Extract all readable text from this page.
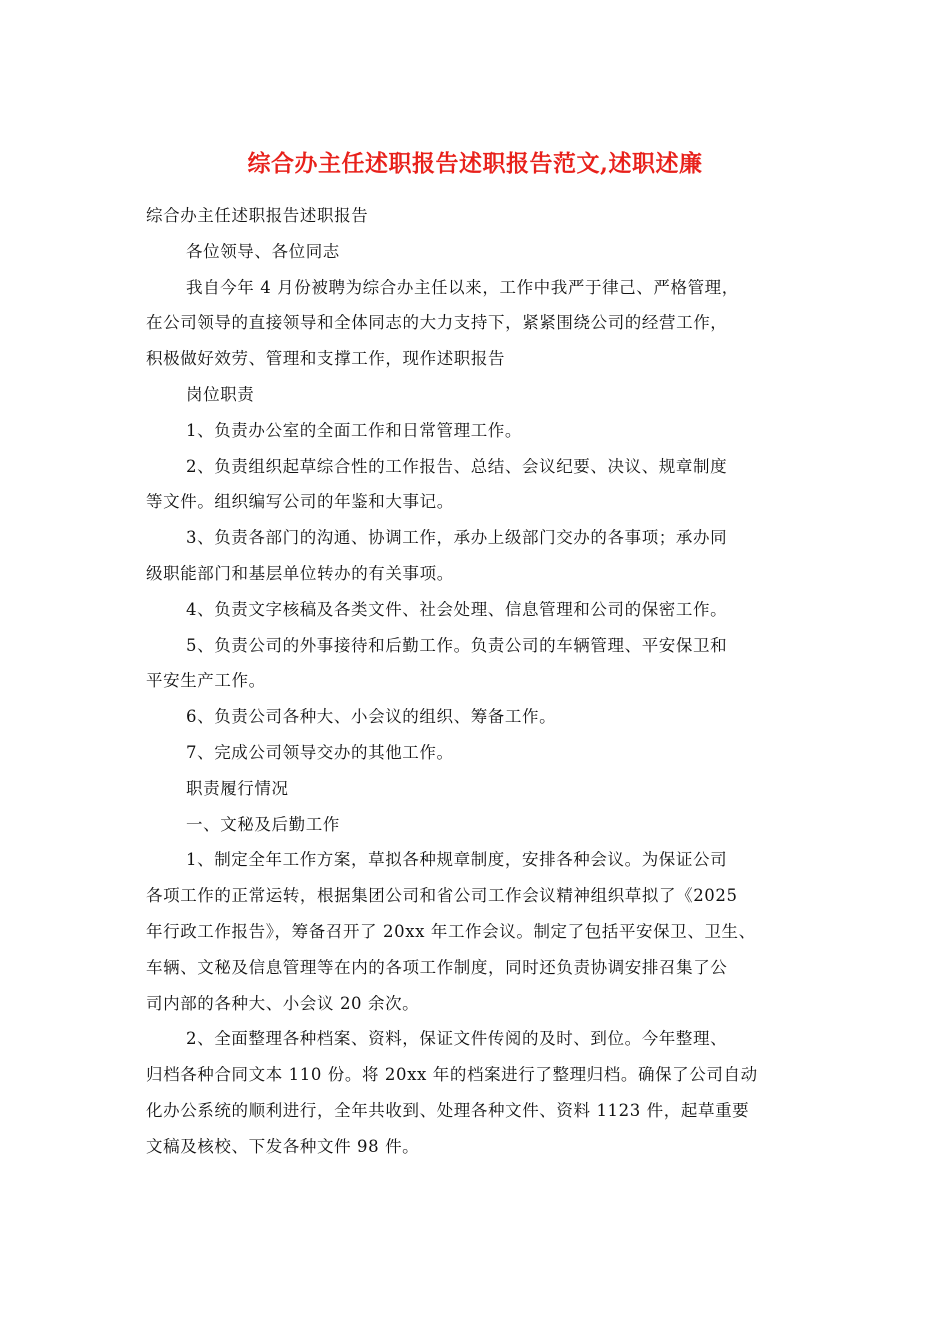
综合办主任述职报告述职报告范文,述职述廉
综合办主任述职报告述职报告
各位领导、各位同志
我自今年 4 月份被聘为综合办主任以来，工作中我严于律己、严格管理，
在公司领导的直接领导和全体同志的大力支持下，紧紧围绕公司的经营工作，
积极做好效劳、管理和支撑工作，现作述职报告
岗位职责
1、负责办公室的全面工作和日常管理工作。
2、负责组织起草综合性的工作报告、总结、会议纪要、决议、规章制度
等文件。组织编写公司的年鉴和大事记。
3、负责各部门的沟通、协调工作，承办上级部门交办的各事项；承办同
级职能部门和基层单位转办的有关事项。
4、负责文字核稿及各类文件、社会处理、信息管理和公司的保密工作。
5、负责公司的外事接待和后勤工作。负责公司的车辆管理、平安保卫和
平安生产工作。
6、负责公司各种大、小会议的组织、筹备工作。
7、完成公司领导交办的其他工作。
职责履行情况
一、文秘及后勤工作
1、制定全年工作方案，草拟各种规章制度，安排各种会议。为保证公司
各项工作的正常运转，根据集团公司和省公司工作会议精神组织草拟了《2025
年行政工作报告》，筹备召开了 20xx 年工作会议。制定了包括平安保卫、卫生、
车辆、文秘及信息管理等在内的各项工作制度，同时还负责协调安排召集了公
司内部的各种大、小会议 20 余次。
2、全面整理各种档案、资料，保证文件传阅的及时、到位。今年整理、
归档各种合同文本 110 份。将 20xx 年的档案进行了整理归档。确保了公司自动
化办公系统的顺利进行，全年共收到、处理各种文件、资料 1123 件，起草重要
文稿及核校、下发各种文件 98 件。
